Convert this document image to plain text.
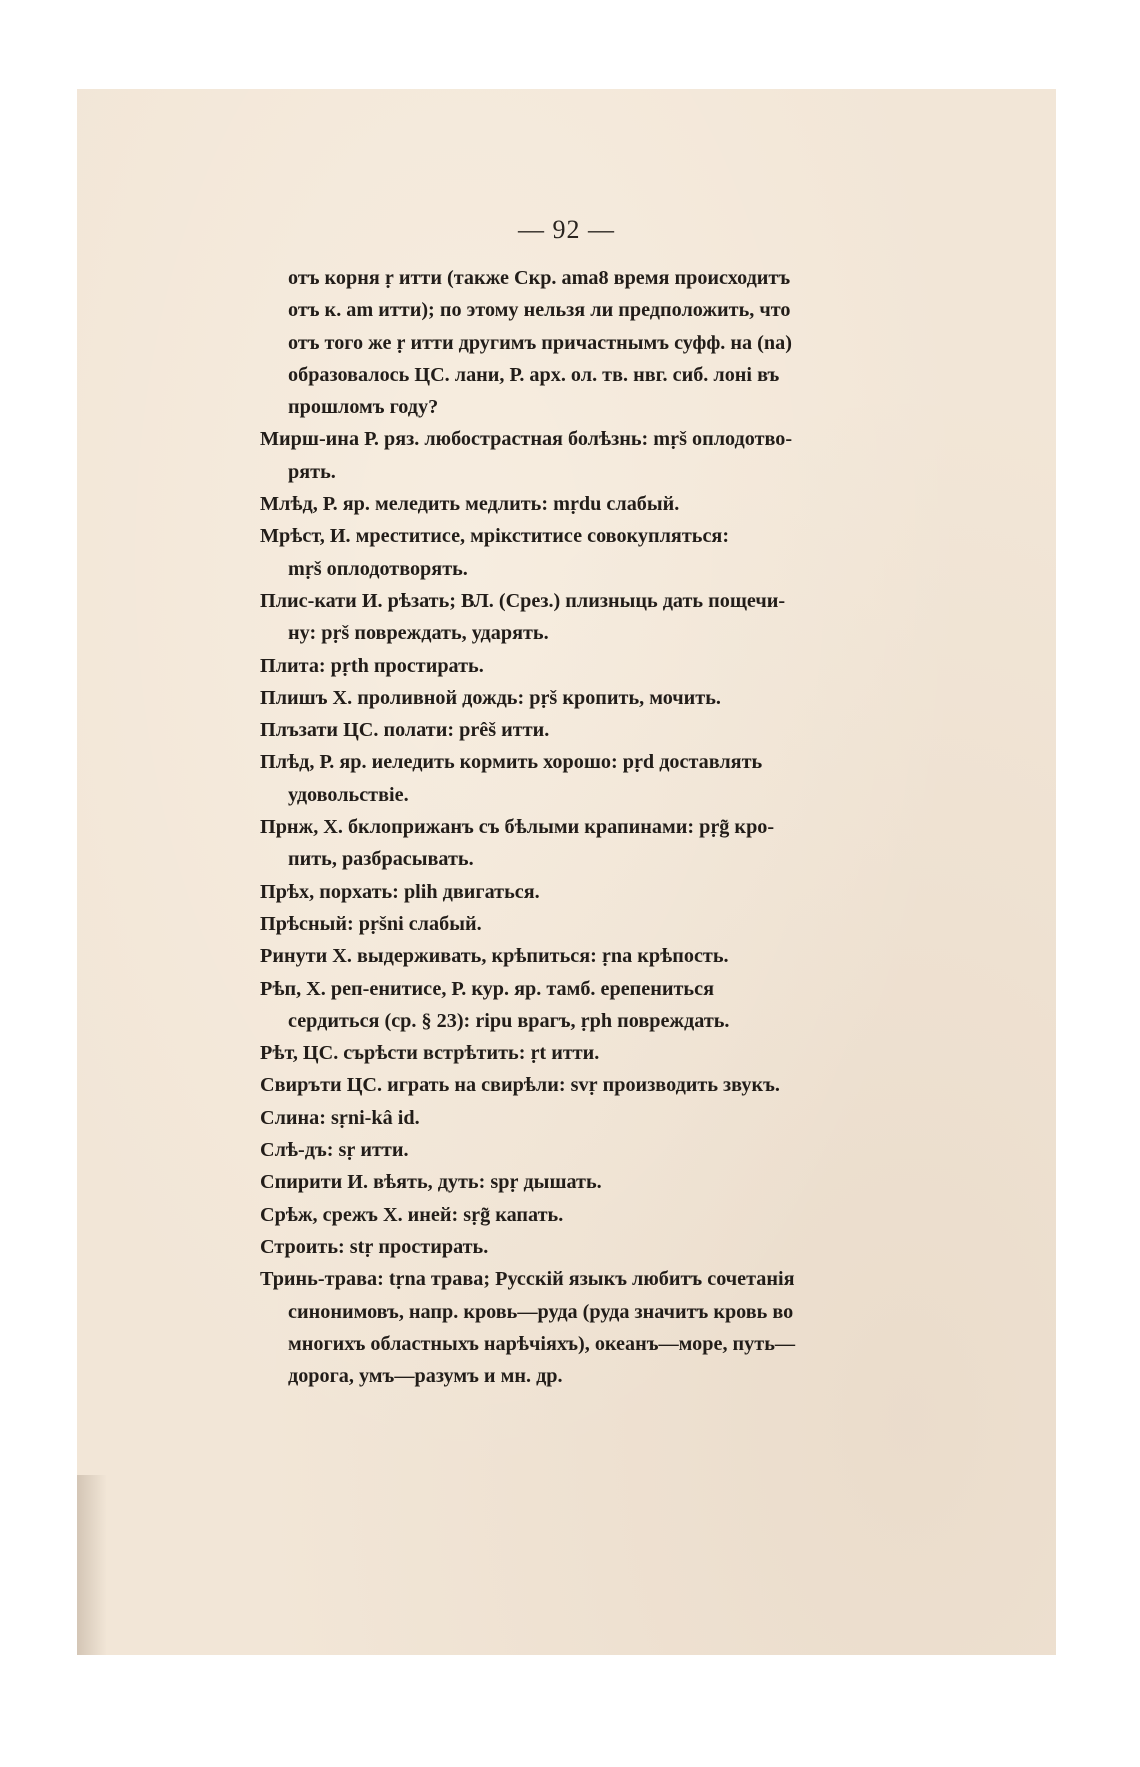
— 92 —
отъ корня ṛ итти (также Скр. ama8 время происходитъ
отъ к. am итти); по этому нельзя ли предположить, что
отъ того же ṛ итти другимъ причастнымъ суфф. на (na)
образовалось ЦС. лани, Р. арх. ол. тв. нвг. сиб. лоні въ
прошломъ году?
Мирш-ина Р. ряз. любострастная болѣзнь: mṛš оплодотво-
рять.
Млѣд, Р. яр. меледить медлить: mṛdu слабый.
Мрѣст, И. мреститисе, мрікститисе совокупляться:
mṛš оплодотворять.
Плис-кати И. рѣзать; ВЛ. (Срез.) плизныць дать пощечи-
ну: pṛš повреждать, ударять.
Плита: pṛth простирать.
Плишъ Х. проливной дождь: pṛš кропить, мочить.
Плъзати ЦС. полати: prêš итти.
Плѣд, Р. яр. иеледить кормить хорошо: pṛd доставлять
удовольствіе.
Прнж, Х. бклоприжанъ съ бѣлыми крапинами: pṛg̃ кро-
пить, разбрасывать.
Прѣх, порхать: plih двигаться.
Прѣсный: pṛšni слабый.
Ринути Х. выдерживать, крѣпиться: ṛna крѣпость.
Рѣп, Х. реп-енитисе, Р. кур. яр. тамб. ерепениться
сердиться (ср. § 23): ripu врагъ, ṛph повреждать.
Рѣт, ЦС. сърѣсти встрѣтить: ṛt итти.
Свиръти ЦС. играть на свирѣли: svṛ производить звукъ.
Слина: sṛni-kâ id.
Слѣ-дъ: sṛ итти.
Спирити И. вѣять, дуть: spṛ дышать.
Срѣж, срежъ Х. иней: sṛg̃ капать.
Строить: stṛ простирать.
Тринь-трава: tṛna трава; Русскій языкъ любитъ сочетанія
синонимовъ, напр. кровь—руда (руда значитъ кровь во
многихъ областныхъ нарѣчіяхъ), океанъ—море, путь—
дорога, умъ—разумъ и мн. др.
